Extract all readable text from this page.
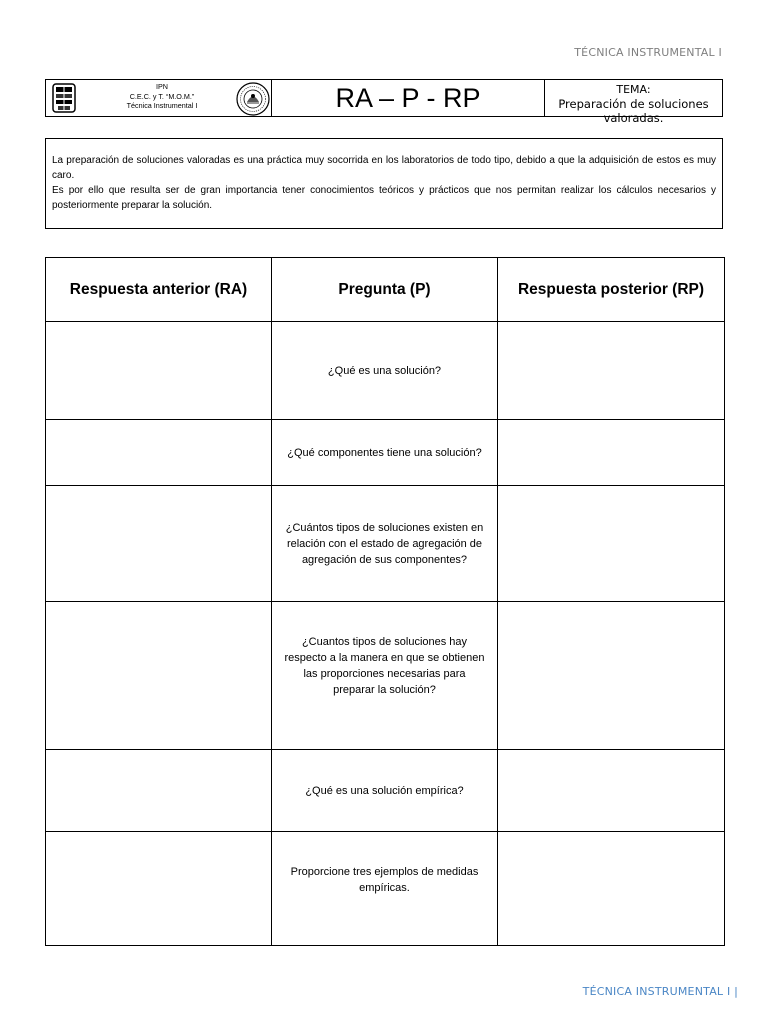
TÉCNICA INSTRUMENTAL I
IPN
C.E.C. y T. “M.O.M.”
Técnica Instrumental I	RA – P - RP	TEMA:
Preparación de soluciones valoradas.

La preparación de soluciones valoradas es una práctica muy socorrida en los laboratorios de todo tipo, debido a que la adquisición de estos es muy caro.

Es por ello que resulta ser de gran importancia tener conocimientos teóricos y prácticos que nos permitan realizar los cálculos necesarios y posteriormente preparar la solución.

Respuesta anterior (RA)	Pregunta (P)	Respuesta posterior (RP)
	¿Qué es una solución?	
	¿Qué componentes tiene una solución?	
	¿Cuántos tipos de soluciones existen en relación con el estado de agregación de agregación de sus componentes?	
	¿Cuantos tipos de soluciones hay respecto a la manera en que se obtienen las proporciones necesarias para preparar la solución?	
	¿Qué es una solución empírica?	
	Proporcione tres ejemplos de medidas empíricas.	
TÉCNICA INSTRUMENTAL I |
